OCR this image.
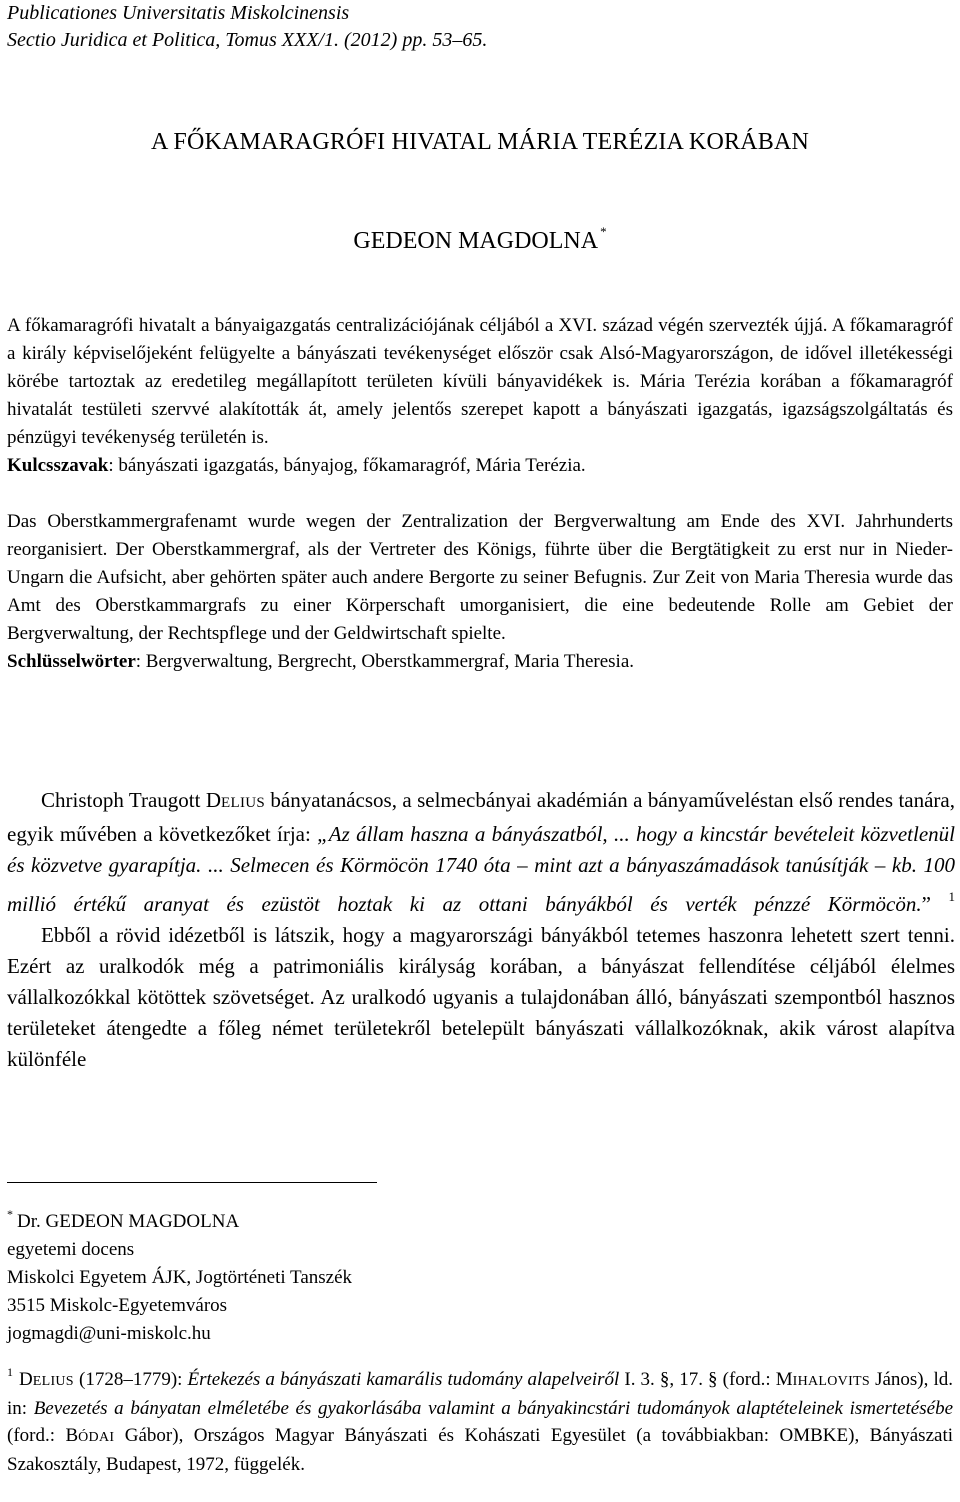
Publicationes Universitatis Miskolcinensis
Sectio Juridica et Politica, Tomus XXX/1. (2012) pp. 53–65.
A FŐKAMARAGRÓFI HIVATAL MÁRIA TERÉZIA KORÁBAN
GEDEON MAGDOLNA *

A főkamaragrófi hivatalt a bányaigazgatás centralizációjának céljából a XVI. század végén szervezték újjá. A főkamaragróf a király képviselőjeként felügyelte a bányászati tevékenységet először csak Alsó-Magyarországon, de idővel illetékességi körébe tartoztak az eredetileg megállapított területen kívüli bányavidékek is. Mária Terézia korában a főkamaragróf hivatalát testületi szervvé alakították át, amely jelentős szerepet kapott a bányászati igazgatás, igazságszolgáltatás és pénzügyi tevékenység területén is.

Kulcsszavak: bányászati igazgatás, bányajog, főkamaragróf, Mária Terézia.

Das Oberstkammergrafenamt wurde wegen der Zentralization der Bergverwaltung am Ende des XVI. Jahrhunderts reorganisiert. Der Oberstkammergraf, als der Vertreter des Königs, führte über die Bergtätigkeit zu erst nur in Nieder-Ungarn die Aufsicht, aber gehörten später auch andere Bergorte zu seiner Befugnis. Zur Zeit von Maria Theresia wurde das Amt des Oberstkammargrafs zu einer Körperschaft umorganisiert, die eine bedeutende Rolle am Gebiet der Bergverwaltung, der Rechtspflege und der Geldwirtschaft spielte.

Schlüsselwörter: Bergverwaltung, Bergrecht, Oberstkammergraf, Maria Theresia.

Christoph Traugott DELIUS bányatanácsos, a selmecbányai akadémián a bányaműveléstan első rendes tanára, egyik művében a következőket írja: „Az állam haszna a bányászatból, ... hogy a kincstár bevételeit közvetlenül és közvetve gyarapítja. ... Selmecen és Körmöcön 1740 óta – mint azt a bányaszámadások tanúsítják – kb. 100 millió értékű aranyat és ezüstöt hoztak ki az ottani bányákból és verték pénzzé Körmöcön.” $^1$

Ebből a rövid idézetből is látszik, hogy a magyarországi bányákból tetemes haszonra lehetett szert tenni. Ezért az uralkodók még a patrimoniális királyság korában, a bányászat fellendítése céljából élelmes vállalkozókkal kötöttek szövetséget. Az uralkodó ugyanis a tulajdonában álló, bányászati szempontból hasznos területeket átengedte a főleg német területekről betelepült bányászati vállalkozóknak, akik várost alapítva különféle

* Dr. GEDEON MAGDOLNA
egyetemi docens
Miskolci Egyetem ÁJK, Jogtörténeti Tanszék
3515 Miskolc-Egyetemváros
jogmagdi@uni-miskolc.hu
$^1$ DELIUS (1728–1779): Értekezés a bányászati kamarális tudomány alapelveiről I. 3. §, 17. § (ford.: MIHALOVITS János), ld. in: Bevezetés a bányatan elméletébe és gyakorlásába valamint a bányakincstári tudományok alaptételeinek ismertetésébe (ford.: BÓDAI Gábor), Országos Magyar Bányászati és Kohászati Egyesület (a továbbiakban: OMBKE), Bányászati Szakosztály, Budapest, 1972, függelék.
